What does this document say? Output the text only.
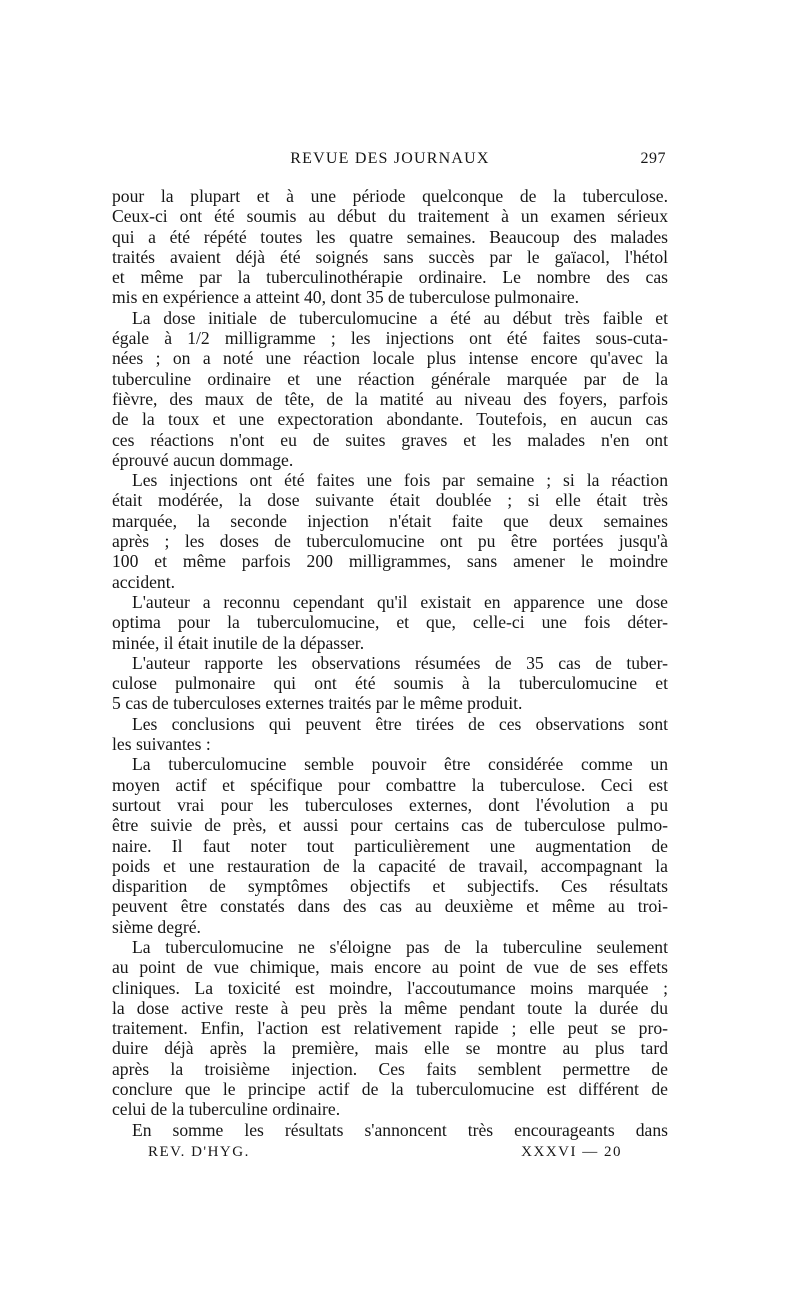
REVUE DES JOURNAUX	297
pour la plupart et à une période quelconque de la tuberculose.
Ceux-ci ont été soumis au début du traitement à un examen sérieux
qui a été répété toutes les quatre semaines. Beaucoup des malades
traités avaient déjà été soignés sans succès par le gaïacol, l'hétol
et même par la tuberculinothérapie ordinaire. Le nombre des cas
mis en expérience a atteint 40, dont 35 de tuberculose pulmonaire.
La dose initiale de tuberculomucine a été au début très faible et
égale à 1/2 milligramme ; les injections ont été faites sous-cuta-
nées ; on a noté une réaction locale plus intense encore qu'avec la
tuberculine ordinaire et une réaction générale marquée par de la
fièvre, des maux de tête, de la matité au niveau des foyers, parfois
de la toux et une expectoration abondante. Toutefois, en aucun cas
ces réactions n'ont eu de suites graves et les malades n'en ont
éprouvé aucun dommage.
Les injections ont été faites une fois par semaine ; si la réaction
était modérée, la dose suivante était doublée ; si elle était très
marquée, la seconde injection n'était faite que deux semaines
après ; les doses de tuberculomucine ont pu être portées jusqu'à
100 et même parfois 200 milligrammes, sans amener le moindre
accident.
L'auteur a reconnu cependant qu'il existait en apparence une dose
optima pour la tuberculomucine, et que, celle-ci une fois déter-
minée, il était inutile de la dépasser.
L'auteur rapporte les observations résumées de 35 cas de tuber-
culose pulmonaire qui ont été soumis à la tuberculomucine et
5 cas de tuberculoses externes traités par le même produit.
Les conclusions qui peuvent être tirées de ces observations sont
les suivantes :
La tuberculomucine semble pouvoir être considérée comme un
moyen actif et spécifique pour combattre la tuberculose. Ceci est
surtout vrai pour les tuberculoses externes, dont l'évolution a pu
être suivie de près, et aussi pour certains cas de tuberculose pulmo-
naire. Il faut noter tout particulièrement une augmentation de
poids et une restauration de la capacité de travail, accompagnant la
disparition de symptômes objectifs et subjectifs. Ces résultats
peuvent être constatés dans des cas au deuxième et même au troi-
sième degré.
La tuberculomucine ne s'éloigne pas de la tuberculine seulement
au point de vue chimique, mais encore au point de vue de ses effets
cliniques. La toxicité est moindre, l'accoutumance moins marquée ;
la dose active reste à peu près la même pendant toute la durée du
traitement. Enfin, l'action est relativement rapide ; elle peut se pro-
duire déjà après la première, mais elle se montre au plus tard
après la troisième injection. Ces faits semblent permettre de
conclure que le principe actif de la tuberculomucine est différent de
celui de la tuberculine ordinaire.
En somme les résultats s'annoncent très encourageants dans
REV. D'HYG.	XXXVI — 20
